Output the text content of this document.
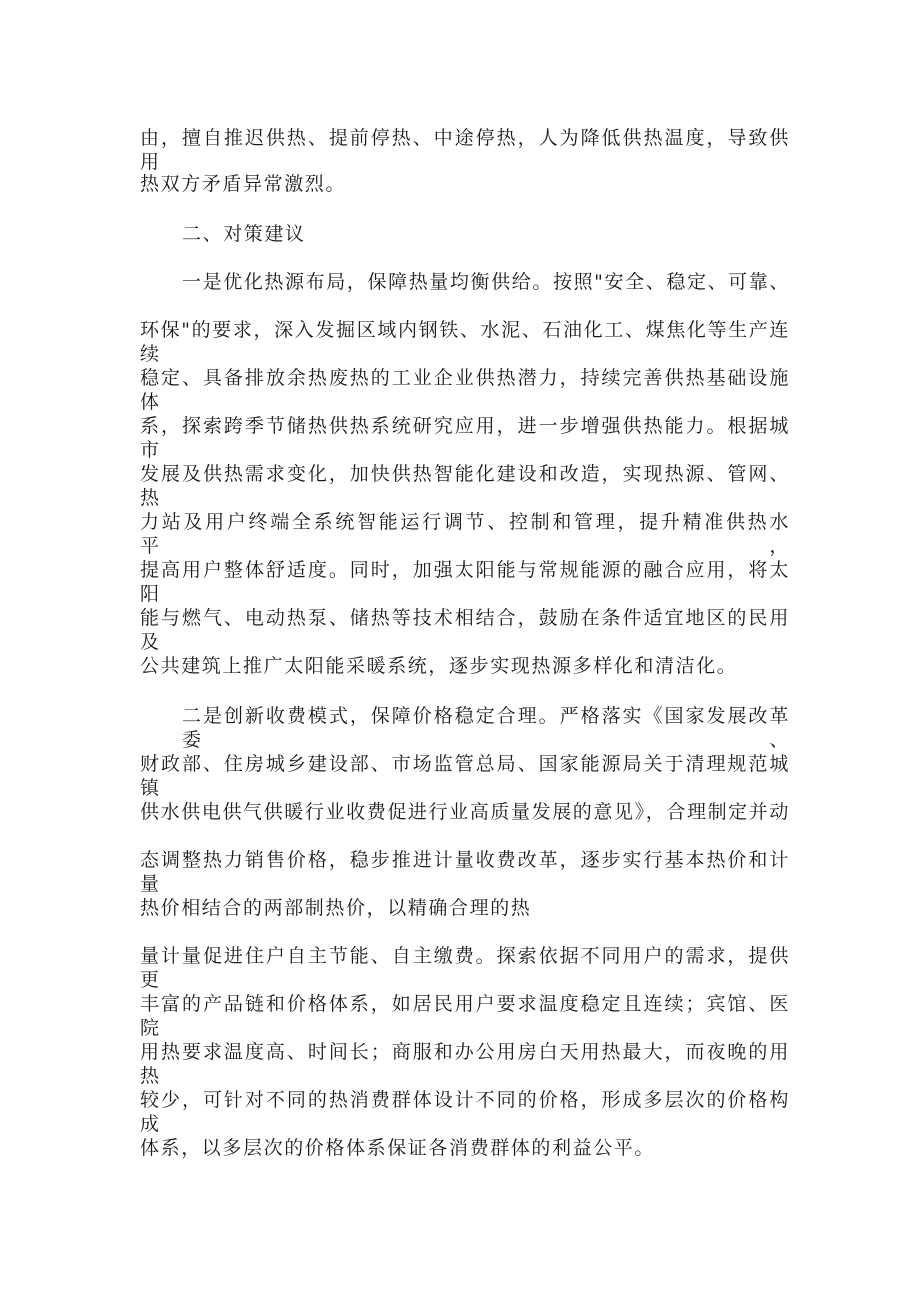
由，擅自推迟供热、提前停热、中途停热，人为降低供热温度，导致供用
热双方矛盾异常激烈。
二、对策建议
一是优化热源布局，保障热量均衡供给。按照"安全、稳定、可靠、
环保"的要求，深入发掘区域内钢铁、水泥、石油化工、煤焦化等生产连续
稳定、具备排放余热废热的工业企业供热潜力，持续完善供热基础设施体
系，探索跨季节储热供热系统研究应用，进一步增强供热能力。根据城市
发展及供热需求变化，加快供热智能化建设和改造，实现热源、管网、热
力站及用户终端全系统智能运行调节、控制和管理，提升精准供热水平，
提高用户整体舒适度。同时，加强太阳能与常规能源的融合应用，将太阳
能与燃气、电动热泵、储热等技术相结合，鼓励在条件适宜地区的民用及
公共建筑上推广太阳能采暖系统，逐步实现热源多样化和清洁化。
二是创新收费模式，保障价格稳定合理。严格落实《国家发展改革委、
财政部、住房城乡建设部、市场监管总局、国家能源局关于清理规范城镇
供水供电供气供暖行业收费促进行业高质量发展的意见》，合理制定并动
态调整热力销售价格，稳步推进计量收费改革，逐步实行基本热价和计量
热价相结合的两部制热价，以精确合理的热
量计量促进住户自主节能、自主缴费。探索依据不同用户的需求，提供更
丰富的产品链和价格体系，如居民用户要求温度稳定且连续；宾馆、医院
用热要求温度高、时间长；商服和办公用房白天用热最大，而夜晚的用热
较少，可针对不同的热消费群体设计不同的价格，形成多层次的价格构成
体系，以多层次的价格体系保证各消费群体的利益公平。
